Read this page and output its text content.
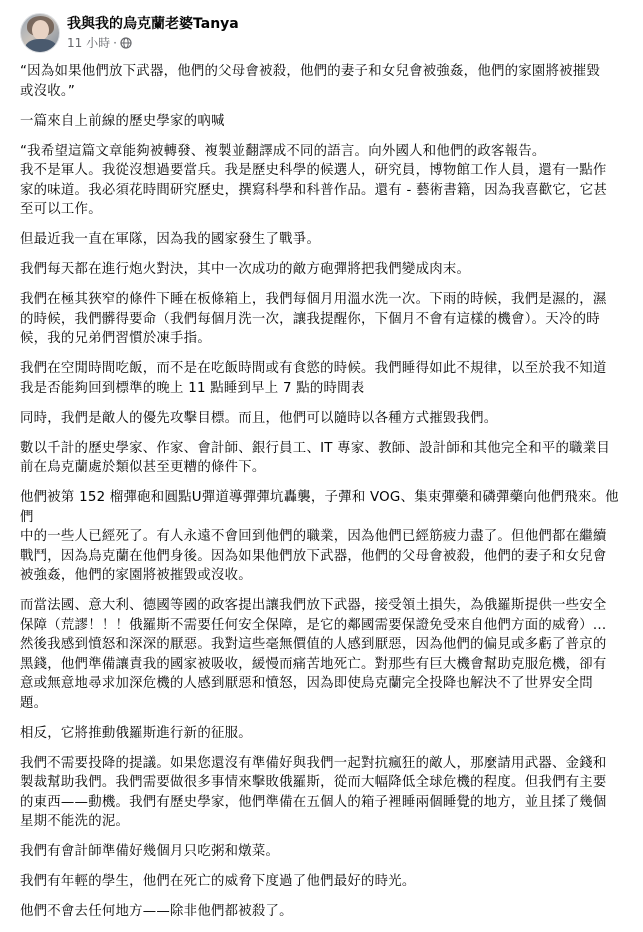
我與我的烏克蘭老婆Tanya
11 小時 ·

“因為如果他們放下武器，他們的父母會被殺，他們的妻子和女兒會被強姦，他們的家園將被摧毀
或沒收。”

一篇來自上前線的歷史學家的吶喊

“我希望這篇文章能夠被轉發、複製並翻譯成不同的語言。向外國人和他們的政客報告。
我不是軍人。我從沒想過要當兵。我是歷史科學的候選人，研究員，博物館工作人員，還有一點作
家的味道。我必須花時間研究歷史，撰寫科學和科普作品。還有 - 藝術書籍，因為我喜歡它，它甚
至可以工作。

但最近我一直在軍隊，因為我的國家發生了戰爭。

我們每天都在進行炮火對決，其中一次成功的敵方砲彈將把我們變成肉末。

我們在極其狹窄的條件下睡在板條箱上，我們每個月用溫水洗一次。下雨的時候，我們是濕的，濕
的時候，我們髒得要命（我們每個月洗一次，讓我提醒你，下個月不會有這樣的機會）。天冷的時
候，我的兄弟們習慣於凍手指。

我們在空閒時間吃飯，而不是在吃飯時間或有食慾的時候。我們睡得如此不規律，以至於我不知道
我是否能夠回到標準的晚上 11 點睡到早上 7 點的時間表

同時，我們是敵人的優先攻擊目標。而且，他們可以隨時以各種方式摧毀我們。

數以千計的歷史學家、作家、會計師、銀行員工、IT 專家、教師、設計師和其他完全和平的職業目
前在烏克蘭處於類似甚至更糟的條件下。

他們被第 152 榴彈砲和圓點U彈道導彈彈坑轟襲，子彈和 VOG、集束彈藥和磷彈藥向他們飛來。他們
中的一些人已經死了。有人永遠不會回到他們的職業，因為他們已經筋疲力盡了。但他們都在繼續
戰鬥，因為烏克蘭在他們身後。因為如果他們放下武器，他們的父母會被殺，他們的妻子和女兒會
被強姦，他們的家園將被摧毀或沒收。

而當法國、意大利、德國等國的政客提出讓我們放下武器，接受領土損失，為俄羅斯提供一些安全
保障（荒謬！！！俄羅斯不需要任何安全保障，是它的鄰國需要保證免受來自他們方面的威脅）...
然後我感到憤怒和深深的厭惡。我對這些毫無價值的人感到厭惡，因為他們的偏見或多虧了普京的
黑錢，他們準備讓責我的國家被吸收，緩慢而痛苦地死亡。對那些有巨大機會幫助克服危機，卻有
意或無意地尋求加深危機的人感到厭惡和憤怒，因為即使烏克蘭完全投降也解決不了世界安全問
題。

相反，它將推動俄羅斯進行新的征服。

我們不需要投降的提議。如果您還沒有準備好與我們一起對抗瘋狂的敵人，那麼請用武器、金錢和
製裁幫助我們。我們需要做很多事情來擊敗俄羅斯，從而大幅降低全球危機的程度。但我們有主要
的東西——動機。我們有歷史學家，他們準備在五個人的箱子裡睡兩個睡覺的地方，並且揉了幾個
星期不能洗的泥。

我們有會計師準備好幾個月只吃粥和燉菜。

我們有年輕的學生，他們在死亡的威脅下度過了他們最好的時光。

他們不會去任何地方——除非他們都被殺了。
